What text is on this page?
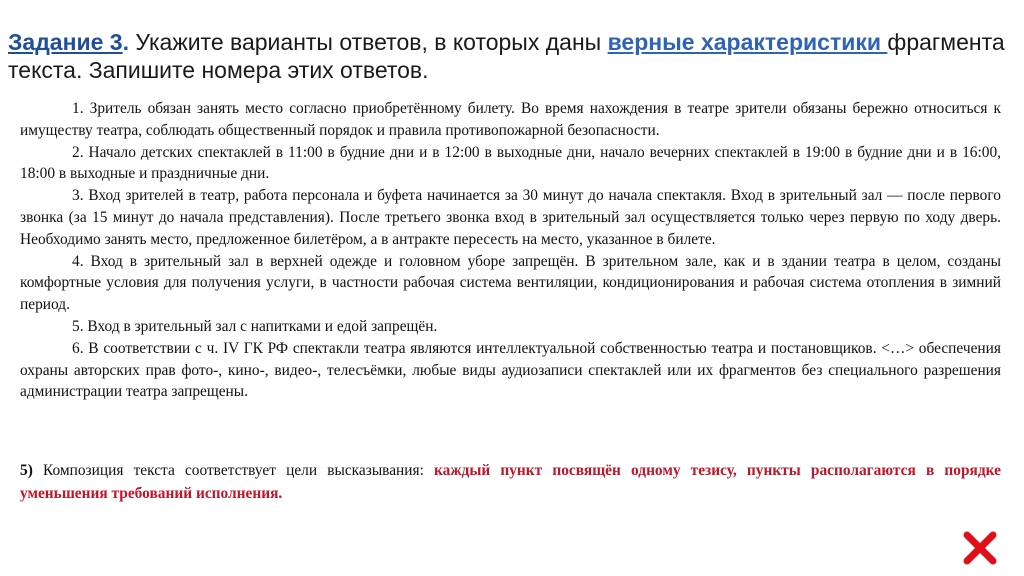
Задание 3. Укажите варианты ответов, в которых даны верные характеристики фрагмента текста. Запишите номера этих ответов.

1. Зритель обязан занять место согласно приобретённому билету. Во время нахождения в театре зрители обязаны бережно относиться к имуществу театра, соблюдать общественный порядок и правила противопожарной безопасности.

2. Начало детских спектаклей в 11:00 в будние дни и в 12:00 в выходные дни, начало вечерних спектаклей в 19:00 в будние дни и в 16:00, 18:00 в выходные и праздничные дни.

3. Вход зрителей в театр, работа персонала и буфета начинается за 30 минут до начала спектакля. Вход в зрительный зал — после первого звонка (за 15 минут до начала представления). После третьего звонка вход в зрительный зал осуществляется только через первую по ходу дверь. Необходимо занять место, предложенное билетёром, а в антракте пересесть на место, указанное в билете.

4. Вход в зрительный зал в верхней одежде и головном уборе запрещён. В зрительном зале, как и в здании театра в целом, созданы комфортные условия для получения услуги, в частности рабочая система вентиляции, кондиционирования и рабочая система отопления в зимний период.

5. Вход в зрительный зал с напитками и едой запрещён.

6. В соответствии с ч. IV ГК РФ спектакли театра являются интеллектуальной собственностью театра и постановщиков. <…> обеспечения охраны авторских прав фото-, кино-, видео-, телесъёмки, любые виды аудиозаписи спектаклей или их фрагментов без специального разрешения администрации театра запрещены.

5) Композиция текста соответствует цели высказывания: каждый пункт посвящён одному тезису, пункты располагаются в порядке уменьшения требований исполнения.
